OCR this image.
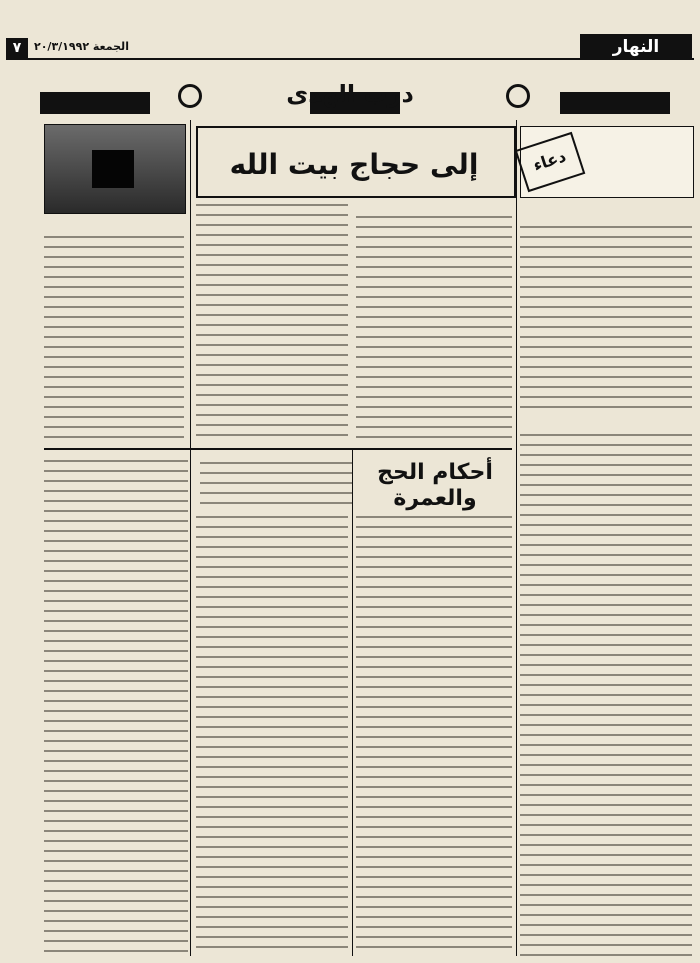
٧	الجمعة ٢٠/٣/١٩٩٢	النهار
درب الهدى
دعاء
إلى حجاج بيت الله
أحكام الحج والعمرة
